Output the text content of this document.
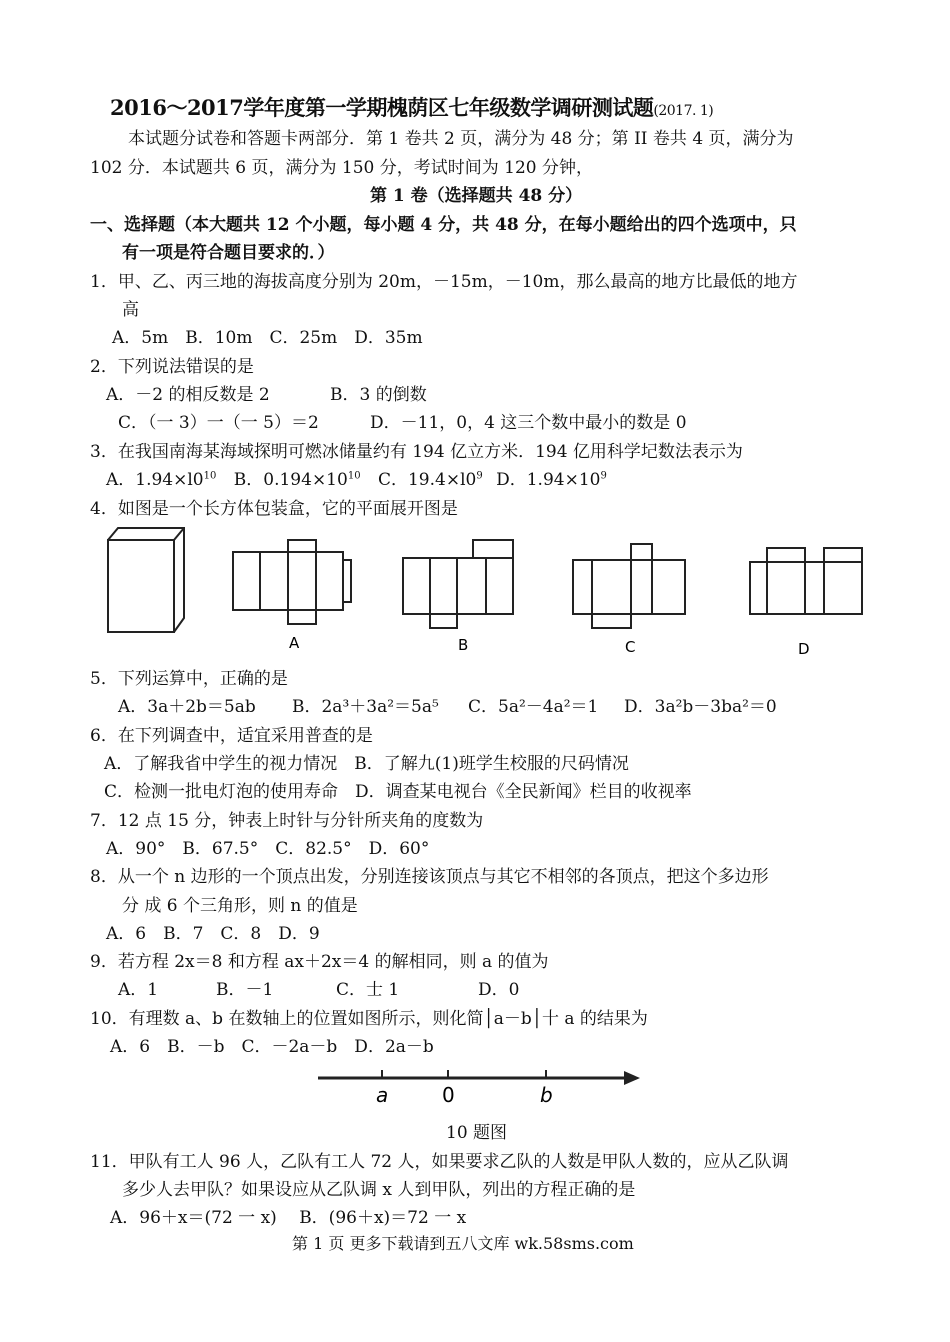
2016～2017学年度第一学期槐荫区七年级数学调研测试题(2017. 1)
本试题分试卷和答题卡两部分．第 1 卷共 2 页，满分为 48 分；第 II 卷共 4 页，满分为
102 分．本试题共 6 页，满分为 150 分，考试时间为 120 分钟，
第 1 卷（选择题共 48 分）
一、选择题（本大题共 12 个小题，每小题 4 分，共 48 分，在每小题给出的四个选项中，只
有一项是符合题目要求的．）
1．甲、乙、丙三地的海拔高度分别为 20m，－15m，－10m，那么最高的地方比最低的地方
高
A．5m　B．10m　C．25m　D．35m
2．下列说法错误的是
A．－2 的相反数是 2	B．3 的倒数
C．（一 3）一（一 5）＝2	D．－11，0，4 这三个数中最小的数是 0
3．在我国南海某海域探明可燃冰储量约有 194 亿立方米．194 亿用科学圮数法表示为
A．$1.94\times l0^{10}$ B．$0.194\times 10^{10}$ C．$19.4\times l0^9$ D．$1.94\times 10^9$
4．如图是一个长方体包装盒，它的平面展开图是
A	B	C	D
5．下列运算中，正确的是
A．3a＋2b＝5ab B．2a³＋3a²＝5a⁵ C．5a²－4a²＝1 D．3a²b－3ba²＝0
6．在下列调查中，适宜采用普查的是
A．了解我省中学生的视力情况　B．了解九(1)班学生校服的尺码情况
C．检测一批电灯泡的使用寿命　D．调查某电视台《全民新闻》栏目的收视率
7．12 点 15 分，钟表上时针与分针所夹角的度数为
A．90°　B．67.5°　C．82.5°　D．60°
8．从一个 n 边形的一个顶点出发，分别连接该顶点与其它不相邻的各顶点，把这个多边形
分 成 6 个三角形，则 n 的值是
A．6　B．7　C．8　D．9
9．若方程 2x＝8 和方程 ax＋2x＝4 的解相同，则 a 的值为
A．1	B．－1	C．士 1	D．0
10．有理数 a、b 在数轴上的位置如图所示，则化简│a－b│十 a 的结果为
A．6　B．－b　C．－2a－b　D．2a－b
a	0	b
10 题图
11．甲队有工人 96 人，乙队有工人 72 人，如果要求乙队的人数是甲队人数的，应从乙队调
多少人去甲队？如果设应从乙队调 x 人到甲队，列出的方程正确的是
A．96＋x＝(72 一 x)　 B．(96＋x)＝72 一 x
第 1 页 更多下载请到五八文库 wk.58sms.com
